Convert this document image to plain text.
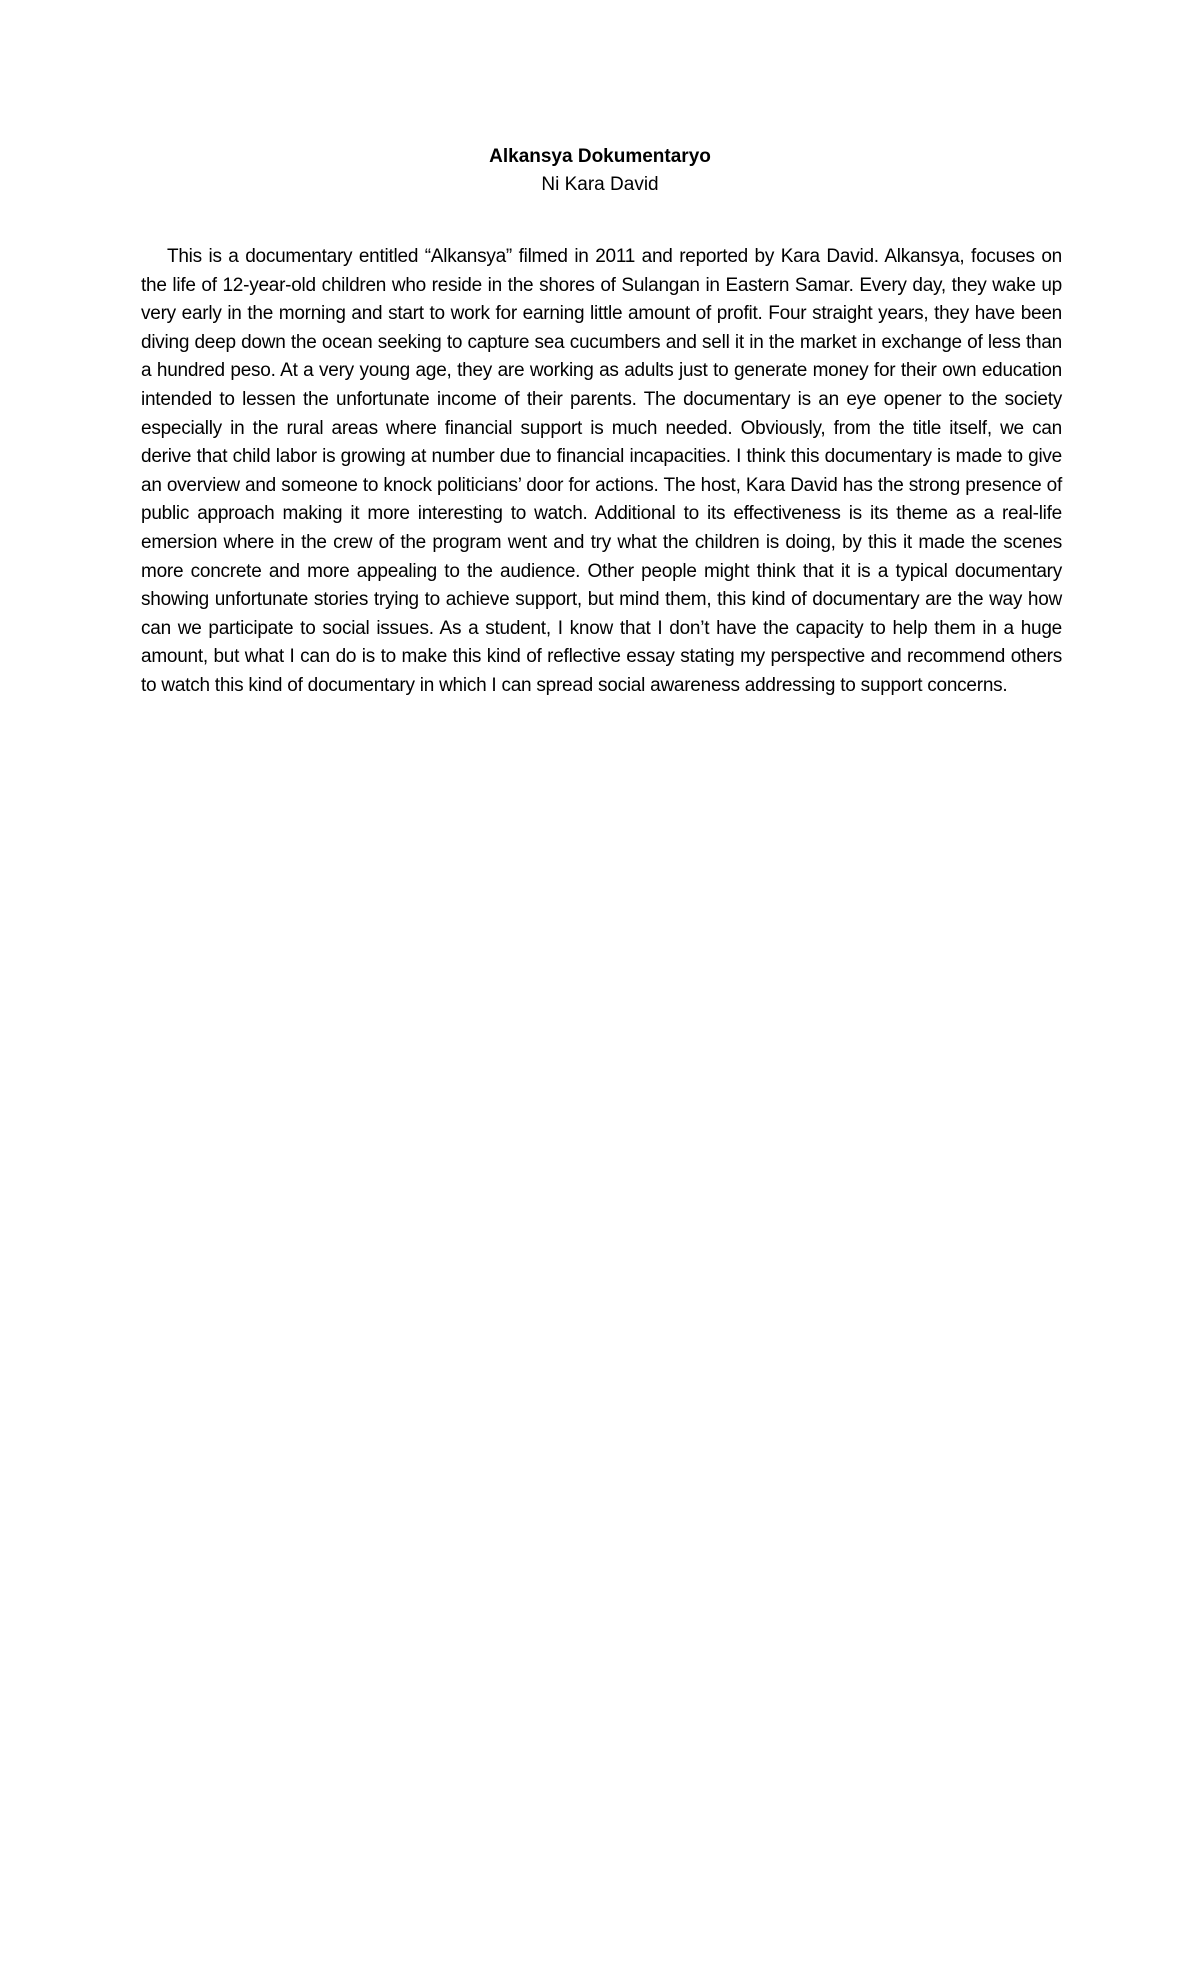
Alkansya Dokumentaryo
Ni Kara David

This is a documentary entitled “Alkansya” filmed in 2011 and reported by Kara David. Alkansya, focuses on the life of 12-year-old children who reside in the shores of Sulangan in Eastern Samar. Every day, they wake up very early in the morning and start to work for earning little amount of profit. Four straight years, they have been diving deep down the ocean seeking to capture sea cucumbers and sell it in the market in exchange of less than a hundred peso. At a very young age, they are working as adults just to generate money for their own education intended to lessen the unfortunate income of their parents. The documentary is an eye opener to the society especially in the rural areas where financial support is much needed. Obviously, from the title itself, we can derive that child labor is growing at number due to financial incapacities. I think this documentary is made to give an overview and someone to knock politicians’ door for actions. The host, Kara David has the strong presence of public approach making it more interesting to watch. Additional to its effectiveness is its theme as a real-life emersion where in the crew of the program went and try what the children is doing, by this it made the scenes more concrete and more appealing to the audience. Other people might think that it is a typical documentary showing unfortunate stories trying to achieve support, but mind them, this kind of documentary are the way how can we participate to social issues. As a student, I know that I don’t have the capacity to help them in a huge amount, but what I can do is to make this kind of reflective essay stating my perspective and recommend others to watch this kind of documentary in which I can spread social awareness addressing to support concerns.
